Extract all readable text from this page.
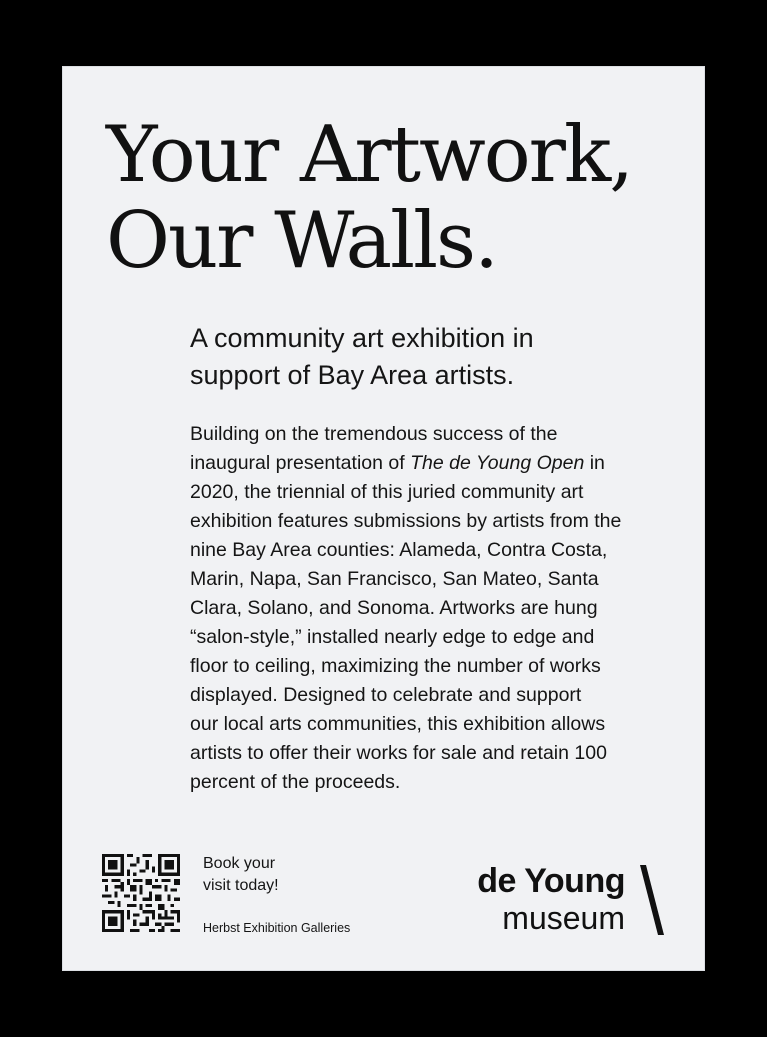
Your Artwork,
Our Walls.
A community art exhibition in
support of Bay Area artists.

Building on the tremendous success of the
inaugural presentation of The de Young Open in
2020, the triennial of this juried community art
exhibition features submissions by artists from the
nine Bay Area counties: Alameda, Contra Costa,
Marin, Napa, San Francisco, San Mateo, Santa
Clara, Solano, and Sonoma. Artworks are hung
“salon-style,” installed nearly edge to edge and
floor to ceiling, maximizing the number of works
displayed. Designed to celebrate and support
our local arts communities, this exhibition allows
artists to offer their works for sale and retain 100
percent of the proceeds.

Book your
visit today!
Herbst Exhibition Galleries
de Young
museum
